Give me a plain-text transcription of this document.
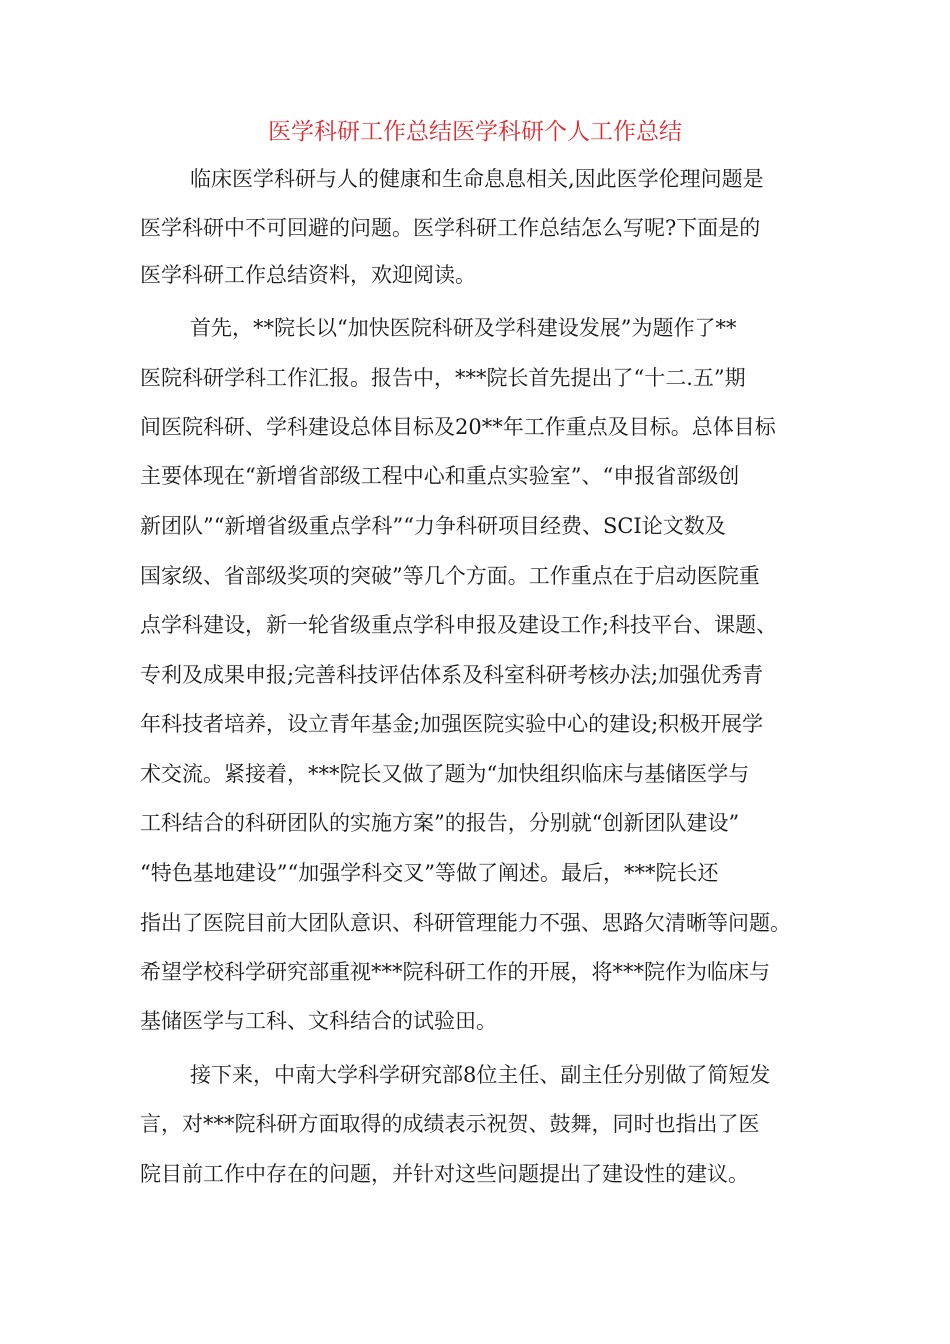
医学科研工作总结医学科研个人工作总结

临床医学科研与人的健康和生命息息相关,因此医学伦理问题是

医学科研中不可回避的问题。医学科研工作总结怎么写呢?下面是的

医学科研工作总结资料，欢迎阅读。

首先，**院长以“加快医院科研及学科建设发展”为题作了**

医院科研学科工作汇报。报告中，***院长首先提出了“十二.五”期

间医院科研、学科建设总体目标及20**年工作重点及目标。总体目标

主要体现在“新增省部级工程中心和重点实验室”、“申报省部级创

新团队”“新增省级重点学科”“力争科研项目经费、SCI论文数及

国家级、省部级奖项的突破”等几个方面。工作重点在于启动医院重

点学科建设，新一轮省级重点学科申报及建设工作;科技平台、课题、

专利及成果申报;完善科技评估体系及科室科研考核办法;加强优秀青

年科技者培养，设立青年基金;加强医院实验中心的建设;积极开展学

术交流。紧接着，***院长又做了题为“加快组织临床与基储医学与

工科结合的科研团队的实施方案”的报告，分别就“创新团队建设”

“特色基地建设”“加强学科交叉”等做了阐述。最后，***院长还

指出了医院目前大团队意识、科研管理能力不强、思路欠清晰等问题。

希望学校科学研究部重视***院科研工作的开展，将***院作为临床与

基储医学与工科、文科结合的试验田。

接下来，中南大学科学研究部8位主任、副主任分别做了简短发

言，对***院科研方面取得的成绩表示祝贺、鼓舞，同时也指出了医

院目前工作中存在的问题，并针对这些问题提出了建设性的建议。
